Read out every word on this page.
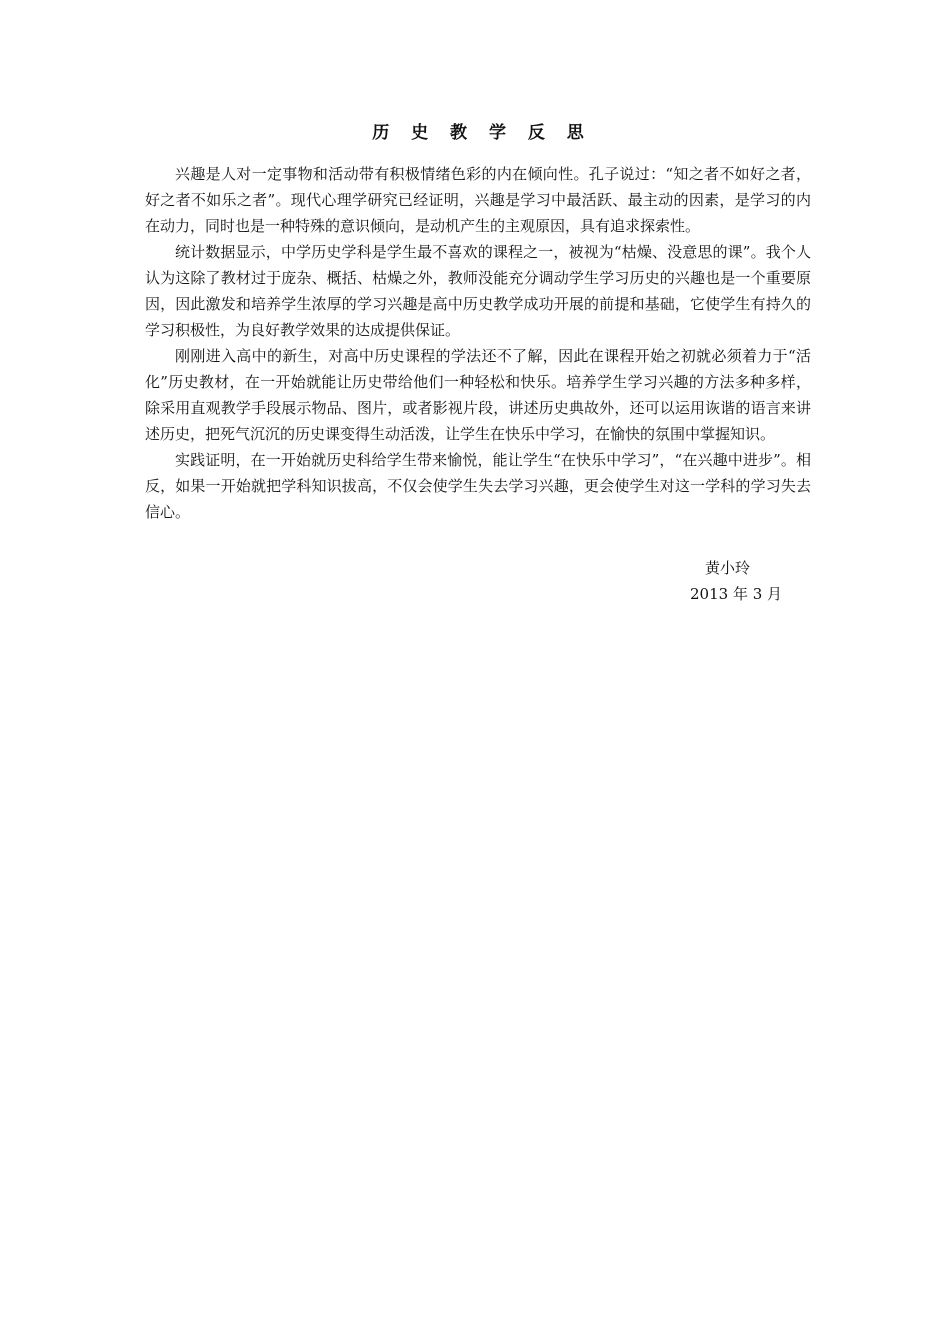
历 史 教 学 反 思

兴趣是人对一定事物和活动带有积极情绪色彩的内在倾向性。孔子说过：“知之者不如好之者，好之者不如乐之者”。现代心理学研究已经证明，兴趣是学习中最活跃、最主动的因素，是学习的内在动力，同时也是一种特殊的意识倾向，是动机产生的主观原因，具有追求探索性。

统计数据显示，中学历史学科是学生最不喜欢的课程之一，被视为“枯燥、没意思的课”。我个人认为这除了教材过于庞杂、概括、枯燥之外，教师没能充分调动学生学习历史的兴趣也是一个重要原因，因此激发和培养学生浓厚的学习兴趣是高中历史教学成功开展的前提和基础，它使学生有持久的学习积极性，为良好教学效果的达成提供保证。

刚刚进入高中的新生，对高中历史课程的学法还不了解，因此在课程开始之初就必须着力于“活化”历史教材，在一开始就能让历史带给他们一种轻松和快乐。培养学生学习兴趣的方法多种多样，除采用直观教学手段展示物品、图片，或者影视片段，讲述历史典故外，还可以运用诙谐的语言来讲述历史，把死气沉沉的历史课变得生动活泼，让学生在快乐中学习，在愉快的氛围中掌握知识。

实践证明，在一开始就历史科给学生带来愉悦，能让学生“在快乐中学习”，“在兴趣中进步”。相反，如果一开始就把学科知识拔高，不仅会使学生失去学习兴趣，更会使学生对这一学科的学习失去信心。

黄小玲
2013 年 3 月
